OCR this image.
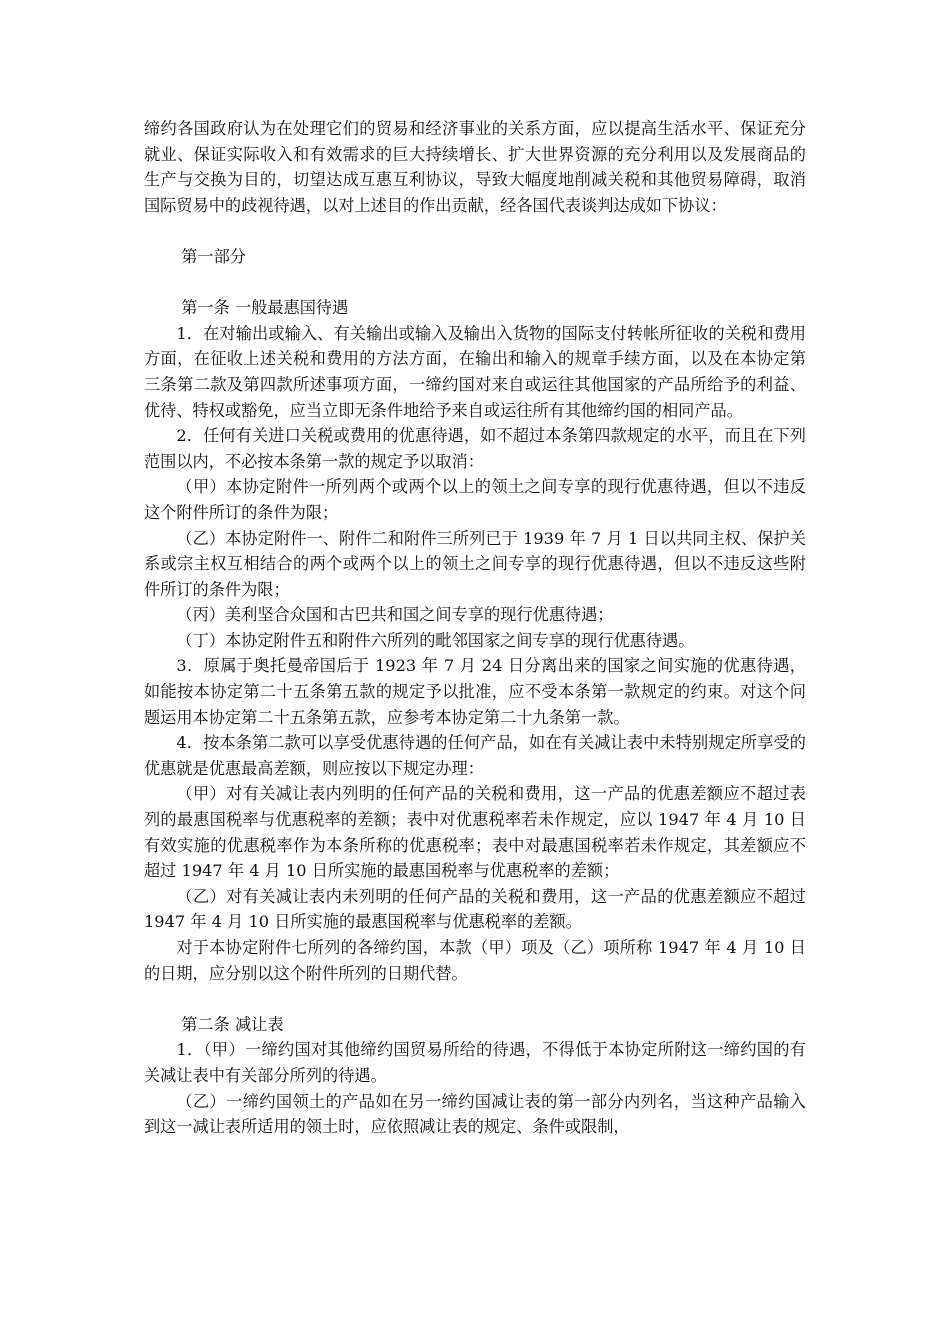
缔约各国政府认为在处理它们的贸易和经济事业的关系方面，应以提高生活水平、保证充分就业、保证实际收入和有效需求的巨大持续增长、扩大世界资源的充分利用以及发展商品的生产与交换为目的，切望达成互惠互利协议，导致大幅度地削减关税和其他贸易障碍，取消国际贸易中的歧视待遇，以对上述目的作出贡献，经各国代表谈判达成如下协议：

第一部分

第一条 一般最惠国待遇

1．在对输出或输入、有关输出或输入及输出入货物的国际支付转帐所征收的关税和费用方面，在征收上述关税和费用的方法方面，在输出和输入的规章手续方面，以及在本协定第三条第二款及第四款所述事项方面，一缔约国对来自或运往其他国家的产品所给予的利益、优待、特权或豁免，应当立即无条件地给予来自或运往所有其他缔约国的相同产品。

2．任何有关进口关税或费用的优惠待遇，如不超过本条第四款规定的水平，而且在下列范围以内，不必按本条第一款的规定予以取消：

（甲）本协定附件一所列两个或两个以上的领土之间专享的现行优惠待遇，但以不违反这个附件所订的条件为限；

（乙）本协定附件一、附件二和附件三所列已于 1939 年 7 月 1 日以共同主权、保护关系或宗主权互相结合的两个或两个以上的领土之间专享的现行优惠待遇，但以不违反这些附件所订的条件为限；

（丙）美利坚合众国和古巴共和国之间专享的现行优惠待遇；

（丁）本协定附件五和附件六所列的毗邻国家之间专享的现行优惠待遇。

3．原属于奥托曼帝国后于 1923 年 7 月 24 日分离出来的国家之间实施的优惠待遇，如能按本协定第二十五条第五款的规定予以批准，应不受本条第一款规定的约束。对这个问题运用本协定第二十五条第五款，应参考本协定第二十九条第一款。

4．按本条第二款可以享受优惠待遇的任何产品，如在有关减让表中未特别规定所享受的优惠就是优惠最高差额，则应按以下规定办理：

（甲）对有关减让表内列明的任何产品的关税和费用，这一产品的优惠差额应不超过表列的最惠国税率与优惠税率的差额；表中对优惠税率若未作规定，应以 1947 年 4 月 10 日有效实施的优惠税率作为本条所称的优惠税率；表中对最惠国税率若未作规定，其差额应不超过 1947 年 4 月 10 日所实施的最惠国税率与优惠税率的差额；

（乙）对有关减让表内未列明的任何产品的关税和费用，这一产品的优惠差额应不超过 1947 年 4 月 10 日所实施的最惠国税率与优惠税率的差额。

对于本协定附件七所列的各缔约国，本款（甲）项及（乙）项所称 1947 年 4 月 10 日的日期，应分别以这个附件所列的日期代替。

第二条 减让表

1．（甲）一缔约国对其他缔约国贸易所给的待遇，不得低于本协定所附这一缔约国的有关减让表中有关部分所列的待遇。

（乙）一缔约国领土的产品如在另一缔约国减让表的第一部分内列名，当这种产品输入到这一减让表所适用的领土时，应依照减让表的规定、条件或限制，
